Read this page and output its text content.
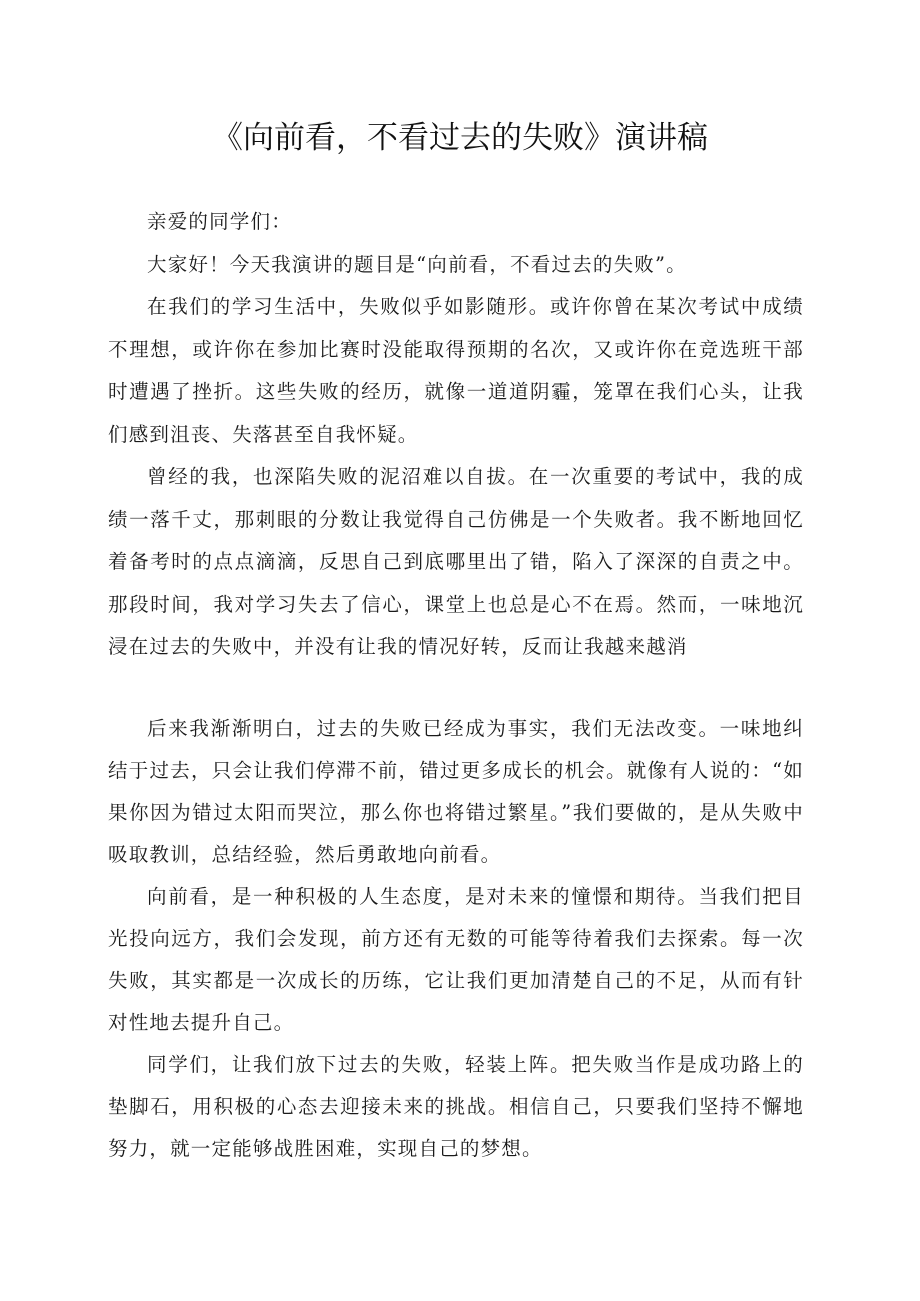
《向前看，不看过去的失败》演讲稿

亲爱的同学们：

大家好！今天我演讲的题目是“向前看，不看过去的失败”。

在我们的学习生活中，失败似乎如影随形。或许你曾在某次考试中成绩不理想，或许你在参加比赛时没能取得预期的名次，又或许你在竞选班干部时遭遇了挫折。这些失败的经历，就像一道道阴霾，笼罩在我们心头，让我们感到沮丧、失落甚至自我怀疑。

曾经的我，也深陷失败的泥沼难以自拔。在一次重要的考试中，我的成绩一落千丈，那刺眼的分数让我觉得自己仿佛是一个失败者。我不断地回忆着备考时的点点滴滴，反思自己到底哪里出了错，陷入了深深的自责之中。那段时间，我对学习失去了信心，课堂上也总是心不在焉。然而，一味地沉浸在过去的失败中，并没有让我的情况好转，反而让我越来越消

后来我渐渐明白，过去的失败已经成为事实，我们无法改变。一味地纠结于过去，只会让我们停滞不前，错过更多成长的机会。就像有人说的：“如果你因为错过太阳而哭泣，那么你也将错过繁星。”我们要做的，是从失败中吸取教训，总结经验，然后勇敢地向前看。

向前看，是一种积极的人生态度，是对未来的憧憬和期待。当我们把目光投向远方，我们会发现，前方还有无数的可能等待着我们去探索。每一次失败，其实都是一次成长的历练，它让我们更加清楚自己的不足，从而有针对性地去提升自己。

同学们，让我们放下过去的失败，轻装上阵。把失败当作是成功路上的垫脚石，用积极的心态去迎接未来的挑战。相信自己，只要我们坚持不懈地努力，就一定能够战胜困难，实现自己的梦想。
